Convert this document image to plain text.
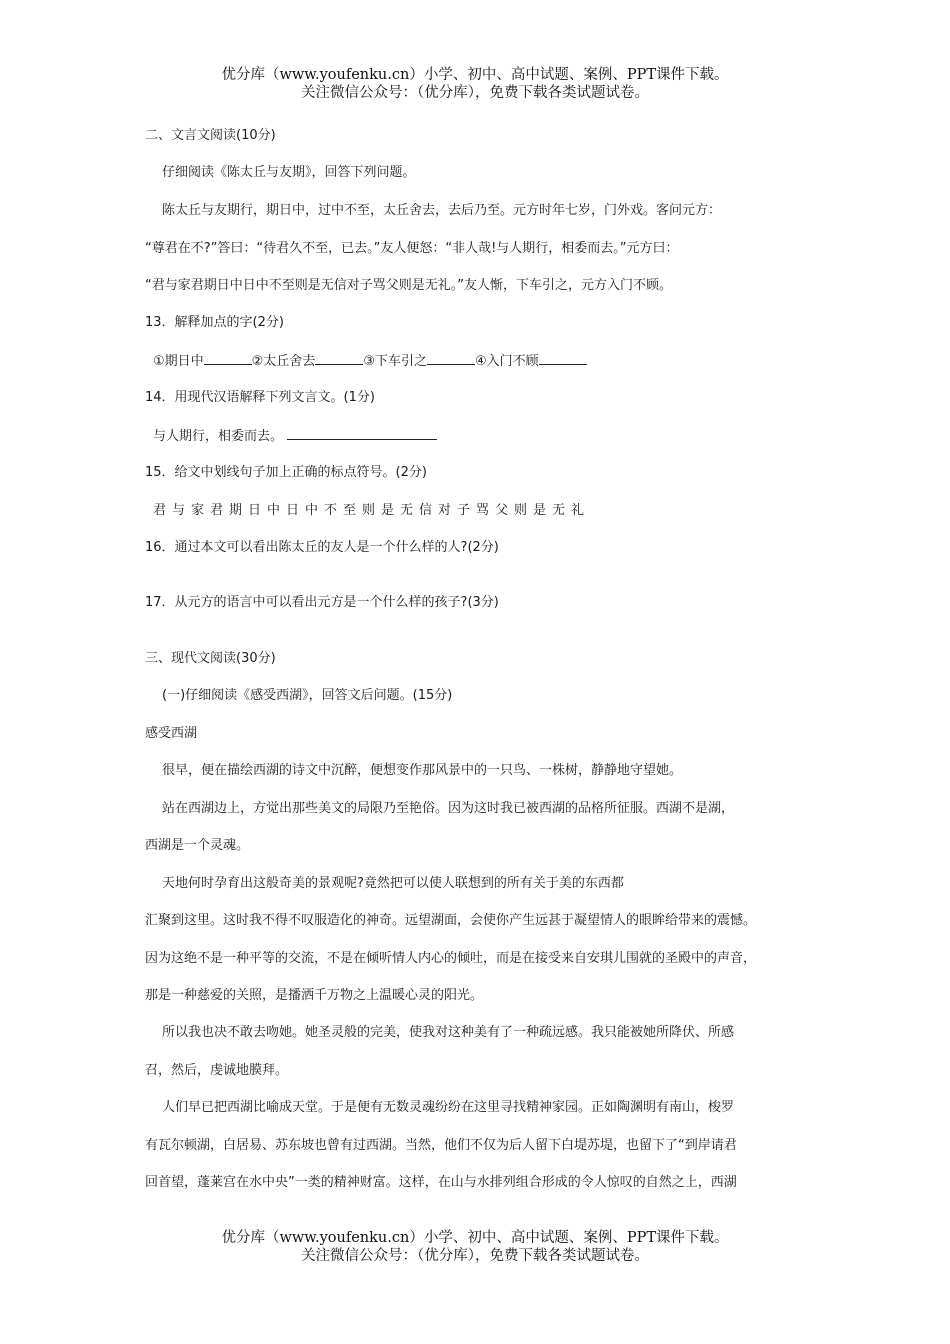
优分库（www.youfenku.cn）小学、初中、高中试题、案例、PPT课件下载。
关注微信公众号：（优分库），免费下载各类试题试卷。
二、文言文阅读(10分)
仔细阅读《陈太丘与友期》，回答下列问题。
陈太丘与友期行，期日中，过中不至，太丘舍去，去后乃至。元方时年七岁，门外戏。客问元方：
“尊君在不?”答曰：“待君久不至，已去。”友人便怒：“非人哉!与人期行，相委而去。”元方曰：
“君与家君期日中日中不至则是无信对子骂父则是无礼。”友人惭，下车引之，元方入门不顾。
13．解释加点的字(2分)
①期日中	②太丘舍去	③下车引之	④入门不顾
14．用现代汉语解释下列文言文。(1分)
与人期行，相委而去。
15．给文中划线句子加上正确的标点符号。(2分)
君与家君期日中日中不至则是无信对子骂父则是无礼
16．通过本文可以看出陈太丘的友人是一个什么样的人?(2分)
17．从元方的语言中可以看出元方是一个什么样的孩子?(3分)
三、现代文阅读(30分)
(一)仔细阅读《感受西湖》，回答文后问题。(15分)
感受西湖
很早，便在描绘西湖的诗文中沉醉，便想变作那风景中的一只鸟、一株树，静静地守望她。
站在西湖边上，方觉出那些美文的局限乃至艳俗。因为这时我已被西湖的品格所征服。西湖不是湖，
西湖是一个灵魂。
天地何时孕育出这般奇美的景观呢?竟然把可以使人联想到的所有关于美的东西都
汇聚到这里。这时我不得不叹服造化的神奇。远望湖面，会使你产生远甚于凝望情人的眼眸给带来的震憾。
因为这绝不是一种平等的交流，不是在倾听情人内心的倾吐，而是在接受来自安琪儿围就的圣殿中的声音，
那是一种慈爱的关照，是播洒千万物之上温暖心灵的阳光。
所以我也决不敢去吻她。她圣灵般的完美，使我对这种美有了一种疏远感。我只能被她所降伏、所感
召，然后，虔诚地膜拜。
人们早已把西湖比喻成天堂。于是便有无数灵魂纷纷在这里寻找精神家园。正如陶渊明有南山，梭罗
有瓦尔顿湖，白居易、苏东坡也曾有过西湖。当然，他们不仅为后人留下白堤苏堤，也留下了“到岸请君
回首望，蓬莱宫在水中央”一类的精神财富。这样，在山与水排列组合形成的令人惊叹的自然之上，西湖
优分库（www.youfenku.cn）小学、初中、高中试题、案例、PPT课件下载。
关注微信公众号：（优分库），免费下载各类试题试卷。
